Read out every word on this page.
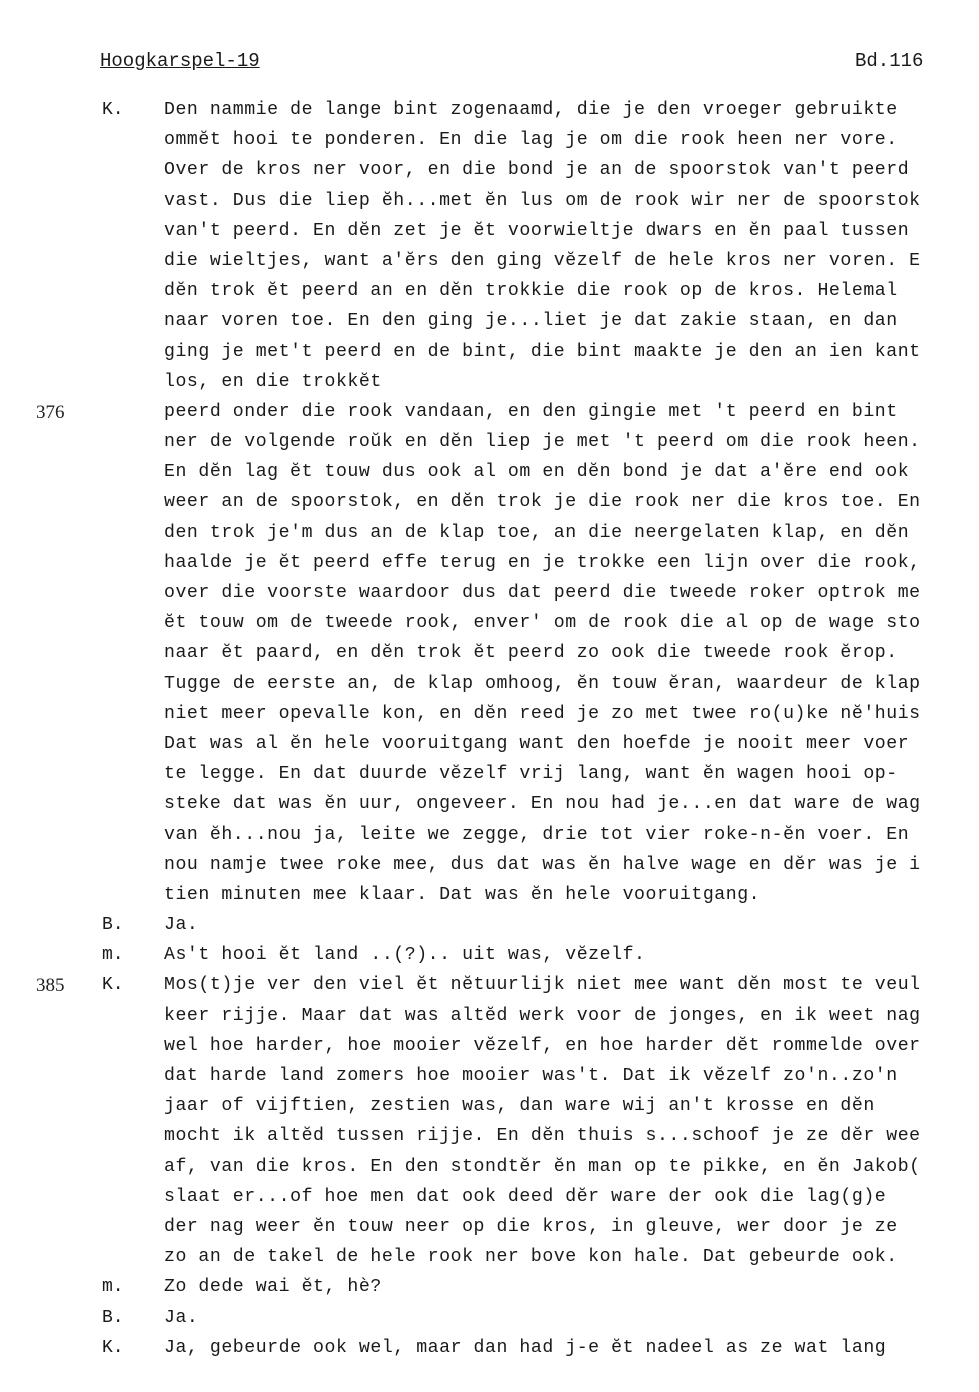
Hoogkarspel-19	Bd.116
K. Den nammie de lange bint zogenaamd, die je den vroeger gebruikte
ommĕt hooi te ponderen. En die lag je om die rook heen ner vore.
Over de kros ner voor, en die bond je an de spoorstok van't peerd
vast. Dus die liep ĕh...met ĕn lus om de rook wir ner de spoorstok
van't peerd. En dĕn zet je ĕt voorwieltje dwars en ĕn paal tussen
die wieltjes, want a'ĕrs den ging vĕzelf de hele kros ner voren. E
dĕn trok ĕt peerd an en dĕn trokkie die rook op de kros. Helemal
naar voren toe. En den ging je...liet je dat zakie staan, en dan
ging je met't peerd en de bint, die bint maakte je den an ien kant
los, en die trokkĕt
376	peerd onder die rook vandaan, en den gingie met 't peerd en bint
ner de volgende roŭk en dĕn liep je met 't peerd om die rook heen.
En dĕn lag ĕt touw dus ook al om en dĕn bond je dat a'ĕre end ook
weer an de spoorstok, en dĕn trok je die rook ner die kros toe. En
den trok je'm dus an de klap toe, an die neergelaten klap, en dĕn
haalde je ĕt peerd effe terug en je trokke een lijn over die rook,
over die voorste waardoor dus dat peerd die tweede roker optrok me
ĕt touw om de tweede rook, enver' om de rook die al op de wage sto
naar ĕt paard, en dĕn trok ĕt peerd zo ook die tweede rook ĕrop.
Tugge de eerste an, de klap omhoog, ĕn touw ĕran, waardeur de klap
niet meer opevalle kon, en dĕn reed je zo met twee ro(u)ke nĕ'huis
Dat was al ĕn hele vooruitgang want den hoefde je nooit meer voer
te legge. En dat duurde vĕzelf vrij lang, want ĕn wagen hooi op-
steke dat was ĕn uur, ongeveer. En nou had je...en dat ware de wag
van ĕh...nou ja, leite we zegge, drie tot vier roke-n-ĕn voer. En
nou namje twee roke mee, dus dat was ĕn halve wage en dĕr was je i
tien minuten mee klaar. Dat was ĕn hele vooruitgang.
B. Ja.
m. As't hooi ĕt land ..(?).. uit was, vĕzelf.
385 K. Mos(t)je ver den viel ĕt nĕtuurlijk niet mee want dĕn most te veul
keer rijje. Maar dat was altĕd werk voor de jonges, en ik weet nag
wel hoe harder, hoe mooier vĕzelf, en hoe harder dĕt rommelde over
dat harde land zomers hoe mooier was't. Dat ik vĕzelf zo'n..zo'n
jaar of vijftien, zestien was, dan ware wij an't krosse en dĕn
mocht ik altĕd tussen rijje. En dĕn thuis s...schoof je ze dĕr wee
af, van die kros. En den stondtĕr ĕn man op te pikke, en ĕn Jakob(
slaat er...of hoe men dat ook deed dĕr ware der ook die lag(g)e
der nag weer ĕn touw neer op die kros, in gleuve, wer door je ze
zo an de takel de hele rook ner bove kon hale. Dat gebeurde ook.
m. Zo dede wai ĕt, hè?
B. Ja.
K. Ja, gebeurde ook wel, maar dan had j-e ĕt nadeel as ze wat lang
